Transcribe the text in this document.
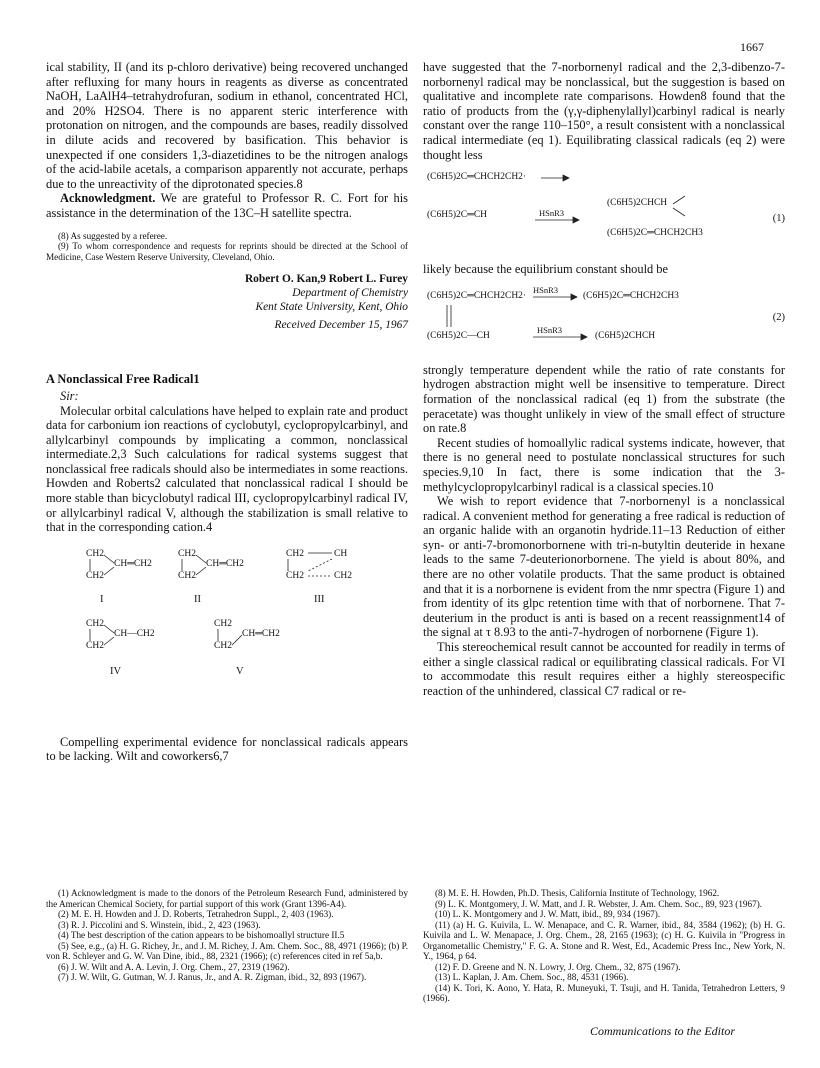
1667

ical stability, II (and its p-chloro derivative) being recovered unchanged after refluxing for many hours in reagents as diverse as concentrated NaOH, LaAlH4–tetrahydrofuran, sodium in ethanol, concentrated HCl, and 20% H2SO4. There is no apparent steric interference with protonation on nitrogen, and the compounds are bases, readily dissolved in dilute acids and recovered by basification. This behavior is unexpected if one considers 1,3-diazetidines to be the nitrogen analogs of the acid-labile acetals, a comparison apparently not accurate, perhaps due to the unreactivity of the diprotonated species.8

Acknowledgment. We are grateful to Professor R. C. Fort for his assistance in the determination of the 13C–H satellite spectra.

(8) As suggested by a referee.

(9) To whom correspondence and requests for reprints should be directed at the School of Medicine, Case Western Reserve University, Cleveland, Ohio.

Robert O. Kan,9 Robert L. Furey
Department of Chemistry
Kent State University, Kent, Ohio
Received December 15, 1967
A Nonclassical Free Radical1

Sir:

Molecular orbital calculations have helped to explain rate and product data for carbonium ion reactions of cyclobutyl, cyclopropylcarbinyl, and allylcarbinyl compounds by implicating a common, nonclassical intermediate.2,3 Such calculations for radical systems suggest that nonclassical free radicals should also be intermediates in some reactions. Howden and Roberts2 calculated that nonclassical radical I should be more stable than bicyclobutyl radical III, cyclopropylcarbinyl radical IV, or allylcarbinyl radical V, although the stabilization is small relative to that in the corresponding cation.4

CH2
CH═CH2
CH2
I
CH2
CH═CH2
CH2
II
CH2	CH
CH2	CH2
III
CH2
CH—CH2
CH2
IV
CH2
CH═CH2
CH2
V

Compelling experimental evidence for nonclassical radicals appears to be lacking. Wilt and coworkers6,7

have suggested that the 7-norbornenyl radical and the 2,3-dibenzo-7-norbornenyl radical may be nonclassical, but the suggestion is based on qualitative and incomplete rate comparisons. Howden8 found that the ratio of products from the (γ,γ-diphenylallyl)carbinyl radical is nearly constant over the range 110–150°, a result consistent with a nonclassical radical intermediate (eq 1). Equilibrating classical radicals (eq 2) were thought less

(C6H5)2C═CHCH2CH2·
(C6H5)2C═CH	HSnR3
(C6H5)2CHCH
(C6H5)2C═CHCH2CH3
(1)

likely because the equilibrium constant should be

(C6H5)2C═CHCH2CH2·
HSnR3
(C6H5)2C═CHCH2CH3
(C6H5)2C—CH
HSnR3
(C6H5)2CHCH
(2)

strongly temperature dependent while the ratio of rate constants for hydrogen abstraction might well be insensitive to temperature. Direct formation of the nonclassical radical (eq 1) from the substrate (the peracetate) was thought unlikely in view of the small effect of structure on rate.8

Recent studies of homoallylic radical systems indicate, however, that there is no general need to postulate nonclassical structures for such species.9,10 In fact, there is some indication that the 3-methylcyclopropylcarbinyl radical is a classical species.10

We wish to report evidence that 7-norbornenyl is a nonclassical radical. A convenient method for generating a free radical is reduction of an organic halide with an organotin hydride.11–13 Reduction of either syn- or anti-7-bromonorbornene with tri-n-butyltin deuteride in hexane leads to the same 7-deuterionorbornene. The yield is about 80%, and there are no other volatile products. That the same product is obtained and that it is a norbornene is evident from the nmr spectra (Figure 1) and from identity of its glpc retention time with that of norbornene. That 7-deuterium in the product is anti is based on a recent reassignment14 of the signal at τ 8.93 to the anti-7-hydrogen of norbornene (Figure 1).

This stereochemical result cannot be accounted for readily in terms of either a single classical radical or equilibrating classical radicals. For VI to accommodate this result requires either a highly stereospecific reaction of the unhindered, classical C7 radical or re-

(1) Acknowledgment is made to the donors of the Petroleum Research Fund, administered by the American Chemical Society, for partial support of this work (Grant 1396-A4).

(2) M. E. H. Howden and J. D. Roberts, Tetrahedron Suppl., 2, 403 (1963).

(3) R. J. Piccolini and S. Winstein, ibid., 2, 423 (1963).

(4) The best description of the cation appears to be bishomoallyl structure II.5

(5) See, e.g., (a) H. G. Richey, Jr., and J. M. Richey, J. Am. Chem. Soc., 88, 4971 (1966); (b) P. von R. Schleyer and G. W. Van Dine, ibid., 88, 2321 (1966); (c) references cited in ref 5a,b.

(6) J. W. Wilt and A. A. Levin, J. Org. Chem., 27, 2319 (1962).

(7) J. W. Wilt, G. Gutman, W. J. Ranus, Jr., and A. R. Zigman, ibid., 32, 893 (1967).

(8) M. E. H. Howden, Ph.D. Thesis, California Institute of Technology, 1962.

(9) L. K. Montgomery, J. W. Matt, and J. R. Webster, J. Am. Chem. Soc., 89, 923 (1967).

(10) L. K. Montgomery and J. W. Matt, ibid., 89, 934 (1967).

(11) (a) H. G. Kuivila, L. W. Menapace, and C. R. Warner, ibid., 84, 3584 (1962); (b) H. G. Kuivila and L. W. Menapace, J. Org. Chem., 28, 2165 (1963); (c) H. G. Kuivila in "Progress in Organometallic Chemistry," F. G. A. Stone and R. West, Ed., Academic Press Inc., New York, N. Y., 1964, p 64.

(12) F. D. Greene and N. N. Lowry, J. Org. Chem., 32, 875 (1967).

(13) L. Kaplan, J. Am. Chem. Soc., 88, 4531 (1966).

(14) K. Tori, K. Aono, Y. Hata, R. Muneyuki, T. Tsuji, and H. Tanida, Tetrahedron Letters, 9 (1966).

Communications to the Editor
